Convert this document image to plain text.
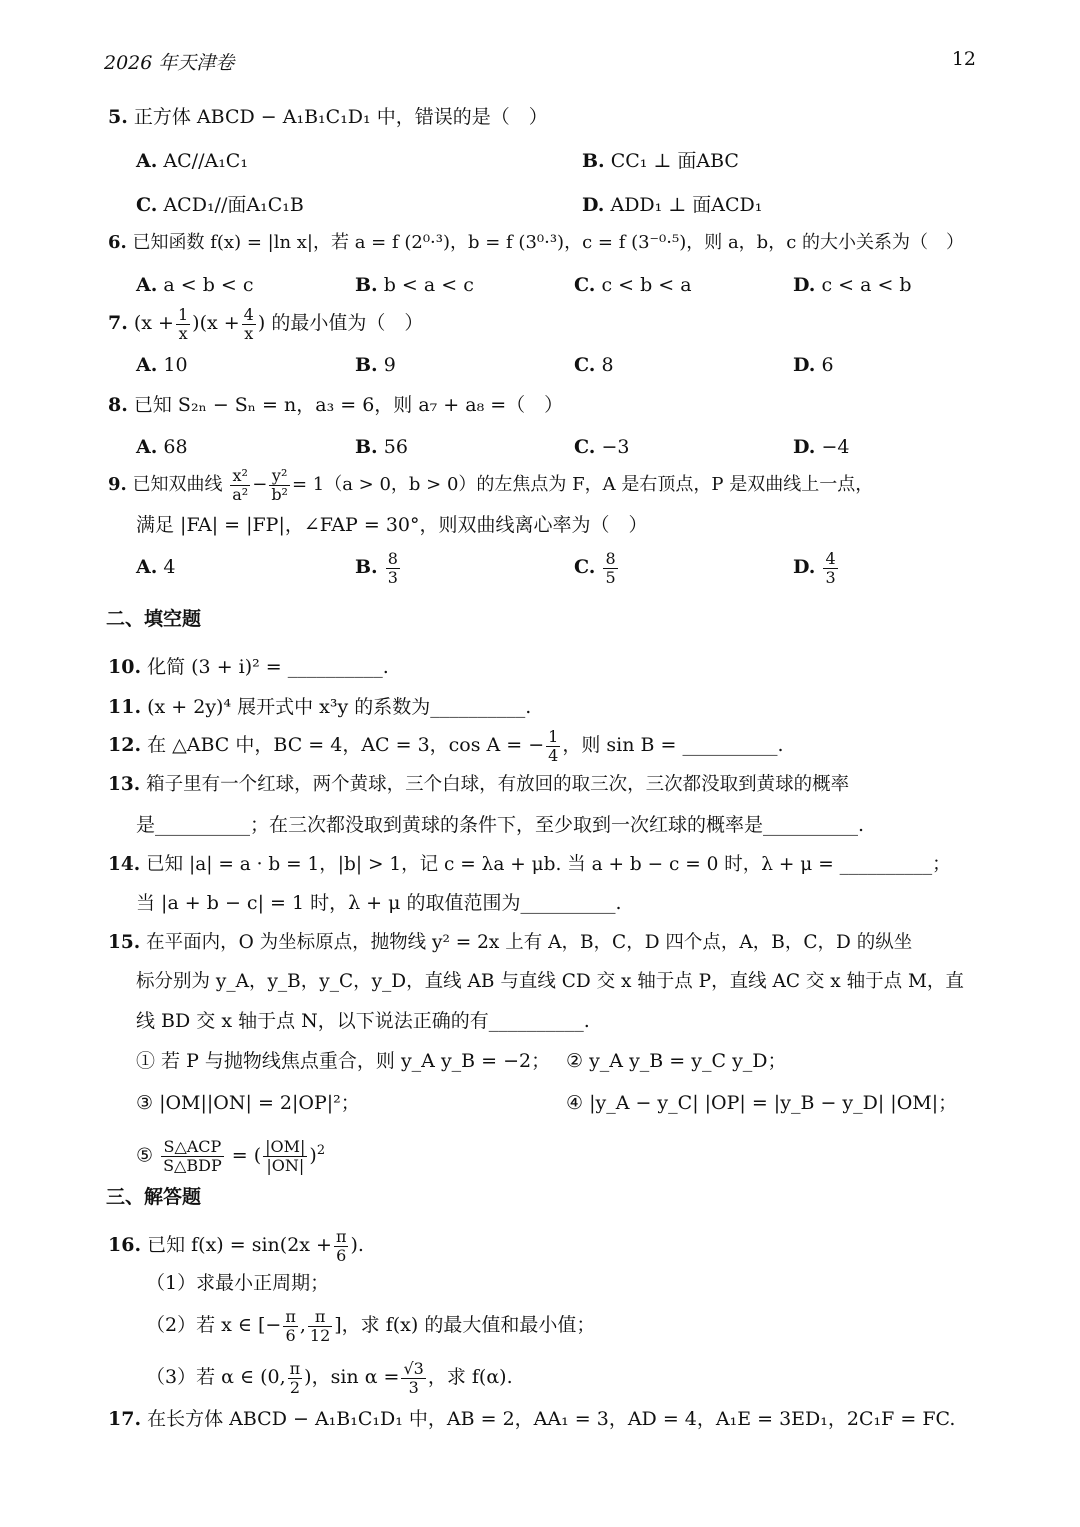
2026 年天津卷	12
5. 正方体 ABCD − A₁B₁C₁D₁ 中，错误的是（　）
A. AC//A₁C₁	B. CC₁ ⊥ 面ABC
C. ACD₁//面A₁C₁B	D. ADD₁ ⊥ 面ACD₁
6. 已知函数 f(x) = |ln x|，若 a = f (2⁰·³)，b = f (3⁰·³)，c = f (3⁻⁰·⁵)，则 a，b，c 的大小关系为（　）
A. a < b < c	B. b < a < c	C. c < b < a	D. c < a < b
7. $(x + \frac{1}{x} )(x + \frac{4}{x}$ ) 的最小值为（　）
A. 10	B. 9	C. 8	D. 6
8. 已知 S₂ₙ − Sₙ = n，a₃ = 6，则 a₇ + a₈ =（　）
A. 68	B. 56	C. −3	D. −4
9. 已知双曲线 $\frac{\text{x²}}{\text{a²}} - \frac{\text{y²}}{\text{b²}} = 1(a > 0$，b > 0）的左焦点为 F，A 是右顶点，P 是双曲线上一点，
满足 |FA| = |FP|，∠FAP = 30°，则双曲线离心率为（　）
A. 4	B. $\frac{8}{3}$	C. $\frac{8}{5}$	D. $\frac{4}{3}$
二、填空题
10. 化简 (3 + i)² = __________.
11. (x + 2y)⁴ 展开式中 x³y 的系数为__________.
12. 在 △ABC 中，BC = 4，AC = 3，cos A = − $\frac{1}{4}$ ，则 sin B = __________.
13. 箱子里有一个红球，两个黄球，三个白球，有放回的取三次，三次都没取到黄球的概率
是__________；在三次都没取到黄球的条件下，至少取到一次红球的概率是__________.
14. 已知 |a| = a · b = 1，|b| > 1，记 c = λa + μb. 当 a + b − c = 0 时，λ + μ = __________；
当 |a + b − c| = 1 时，λ + μ 的取值范围为__________.
15. 在平面内，O 为坐标原点，抛物线 y² = 2x 上有 A，B，C，D 四个点，A，B，C，D 的纵坐
标分别为 y_A，y_B，y_C，y_D，直线 AB 与直线 CD 交 x 轴于点 P，直线 AC 交 x 轴于点 M，直
线 BD 交 x 轴于点 N，以下说法正确的有__________.
① 若 P 与抛物线焦点重合，则 y_A y_B = −2； ② y_A y_B = y_C y_D；
③ |OM||ON| = 2|OP|²；	④ |y_A − y_C| |OP| = |y_B − y_D| |OM|；
⑤ $\frac{\text{S△ACP}}{\text{S△BDP}}$ = ( $\frac{|OM|}{|ON|} )^2$
三、解答题
16. 已知 $f(x) = \sin(2x + \frac{\pi}{6}$ ).
（1）求最小正周期；
（2）若 x ∈ [− $\frac{\pi}{6}$ , $\frac{\pi}{12}$ ]，求 f(x) 的最大值和最小值；
（3）若 α ∈ (0, $\frac{\pi}{2}$ )，$\sin \alpha = \frac{√3}{3}$ ，求 f(α).
17. 在长方体 ABCD − A₁B₁C₁D₁ 中，AB = 2，AA₁ = 3，AD = 4，A₁E = 3ED₁，2C₁F = FC.
